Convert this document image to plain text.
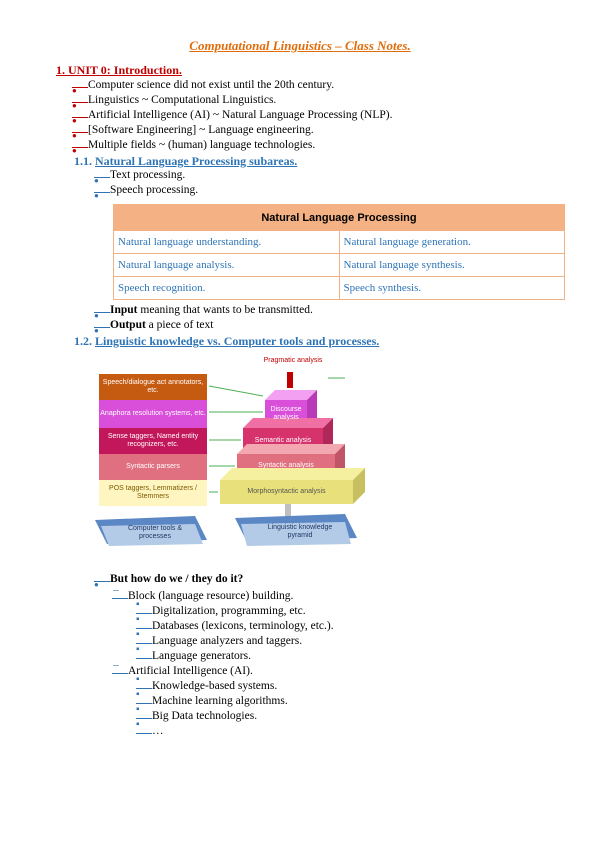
Computational Linguistics – Class Notes.
1. UNIT 0: Introduction.
●Computer science did not exist until the 20th century.
●Linguistics ~ Computational Linguistics.
●Artificial Intelligence (AI) ~ Natural Language Processing (NLP).
●[Software Engineering] ~ Language engineering.
●Multiple fields ~ (human) language technologies.
1.1. Natural Language Processing subareas.
●Text processing.
●Speech processing.
Natural Language Processing	
Natural language understanding.	Natural language generation.
Natural language analysis.	Natural language synthesis.
Speech recognition.	Speech synthesis.
●Input meaning that wants to be transmitted.
●Output a piece of text
1.2. Linguistic knowledge vs. Computer tools and processes.
Pragmatic analysis
Speech/dialogue act annotators, etc.
Anaphora resolution systems, etc.
Sense taggers, Named entity recognizers, etc.
Syntactic parsers
POS taggers, Lemmatizers / Stemmers
Discourse analysis
Semantic analysis
Syntactic analysis
Morphosyntactic analysis
Computer tools & processes
Linguistic knowledge pyramid
●But how do we / they do it?
–Block (language resource) building.
▪Digitalization, programming, etc.
▪Databases (lexicons, terminology, etc.).
▪Language analyzers and taggers.
▪Language generators.
–Artificial Intelligence (AI).
▪Knowledge-based systems.
▪Machine learning algorithms.
▪Big Data technologies.
▪…
